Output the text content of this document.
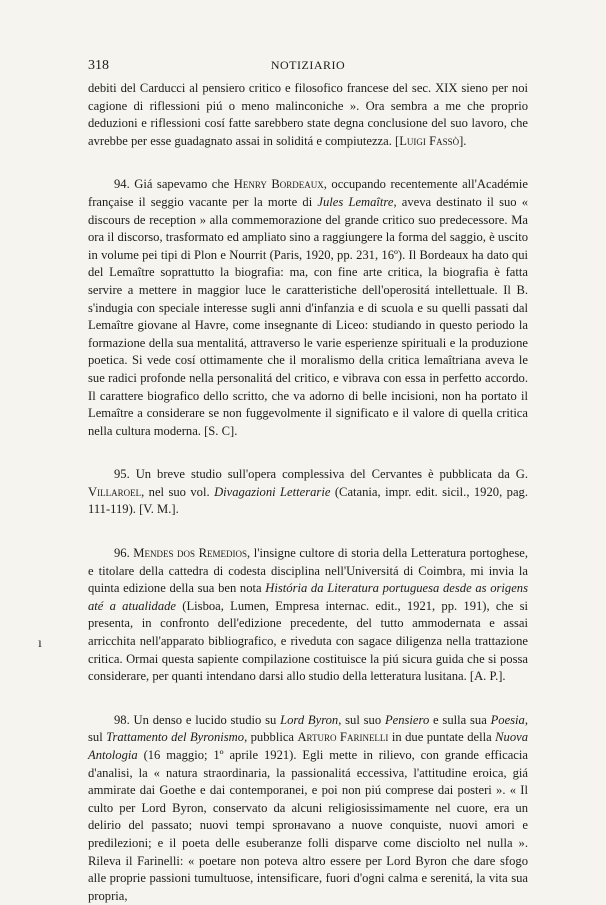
318	NOTIZIARIO

debiti del Carducci al pensiero critico e filosofico francese del sec. XIX sieno per noi cagione di riflessioni piú o meno malinconiche ». Ora sembra a me che proprio deduzioni e riflessioni cosí fatte sarebbero state degna conclusione del suo lavoro, che avrebbe per esse guadagnato assai in soliditá e compiutezza. [Luigi Fassò].

94. Giá sapevamo che Henry Bordeaux, occupando recentemente all'Académie française il seggio vacante per la morte di Jules Lemaître, aveva destinato il suo « discours de reception » alla commemorazione del grande critico suo predecessore. Ma ora il discorso, trasformato ed ampliato sino a raggiungere la forma del saggio, è uscito in volume pei tipi di Plon e Nourrit (Paris, 1920, pp. 231, 16º). Il Bordeaux ha dato qui del Lemaître soprattutto la biografia: ma, con fine arte critica, la biografia è fatta servire a mettere in maggior luce le caratteristiche dell'operositá intellettuale. Il B. s'indugia con speciale interesse sugli anni d'infanzia e di scuola e su quelli passati dal Lemaître giovane al Havre, come insegnante di Liceo: studiando in questo periodo la formazione della sua mentalitá, attraverso le varie esperienze spirituali e la produzione poetica. Si vede cosí ottimamente che il moralismo della critica lemaîtriana aveva le sue radici profonde nella personalitá del critico, e vibrava con essa in perfetto accordo. Il carattere biografico dello scritto, che va adorno di belle incisioni, non ha portato il Lemaître a considerare se non fuggevolmente il significato e il valore di quella critica nella cultura moderna. [S. C].

95. Un breve studio sull'opera complessiva del Cervantes è pubblicata da G. Villaroel, nel suo vol. Divagazioni Letterarie (Catania, impr. edit. sicil., 1920, pag. 111-119). [V. M.].

96. Mendes dos Remedios, l'insigne cultore di storia della Letteratura portoghese, e titolare della cattedra di codesta disciplina nell'Universitá di Coimbra, mi invia la quinta edizione della sua ben nota História da Literatura portuguesa desde as origens até a atualidade (Lisboa, Lumen, Empresa internac. edit., 1921, pp. 191), che si presenta, in confronto dell'edizione precedente, del tutto ammodernata e assai arricchita nell'apparato bibliografico, e riveduta con sagace diligenza nella trattazione critica. Ormai questa sapiente compilazione costituisce la piú sicura guida che si possa considerare, per quanti intendano darsi allo studio della letteratura lusitana. [A. P.].

98. Un denso e lucido studio su Lord Byron, sul suo Pensiero e sulla sua Poesia, sul Trattamento del Byronismo, pubblica Arturo Farinelli in due puntate della Nuova Antologia (16 maggio; 1º aprile 1921). Egli mette in rilievo, con grande efficacia d'analisi, la « natura straordinaria, la passionalitá eccessiva, l'attitudine eroica, giá ammirate dai Goethe e dai contemporanei, e poi non piú comprese dai posteri ». « Il culto per Lord Byron, conservato da alcuni religiosissimamente nel cuore, era un delirio del passato; nuovi tempi sprонavano a nuove conquiste, nuovi amori e predilezioni; e il poeta delle esuberanze folli disparve come disciolto nel nulla ». Rileva il Farinelli: « poetare non poteva altro essere per Lord Byron che dare sfogo alle proprie passioni tumultuose, intensificare, fuori d'ogni calma e serenitá, la vita sua propria,

ı
